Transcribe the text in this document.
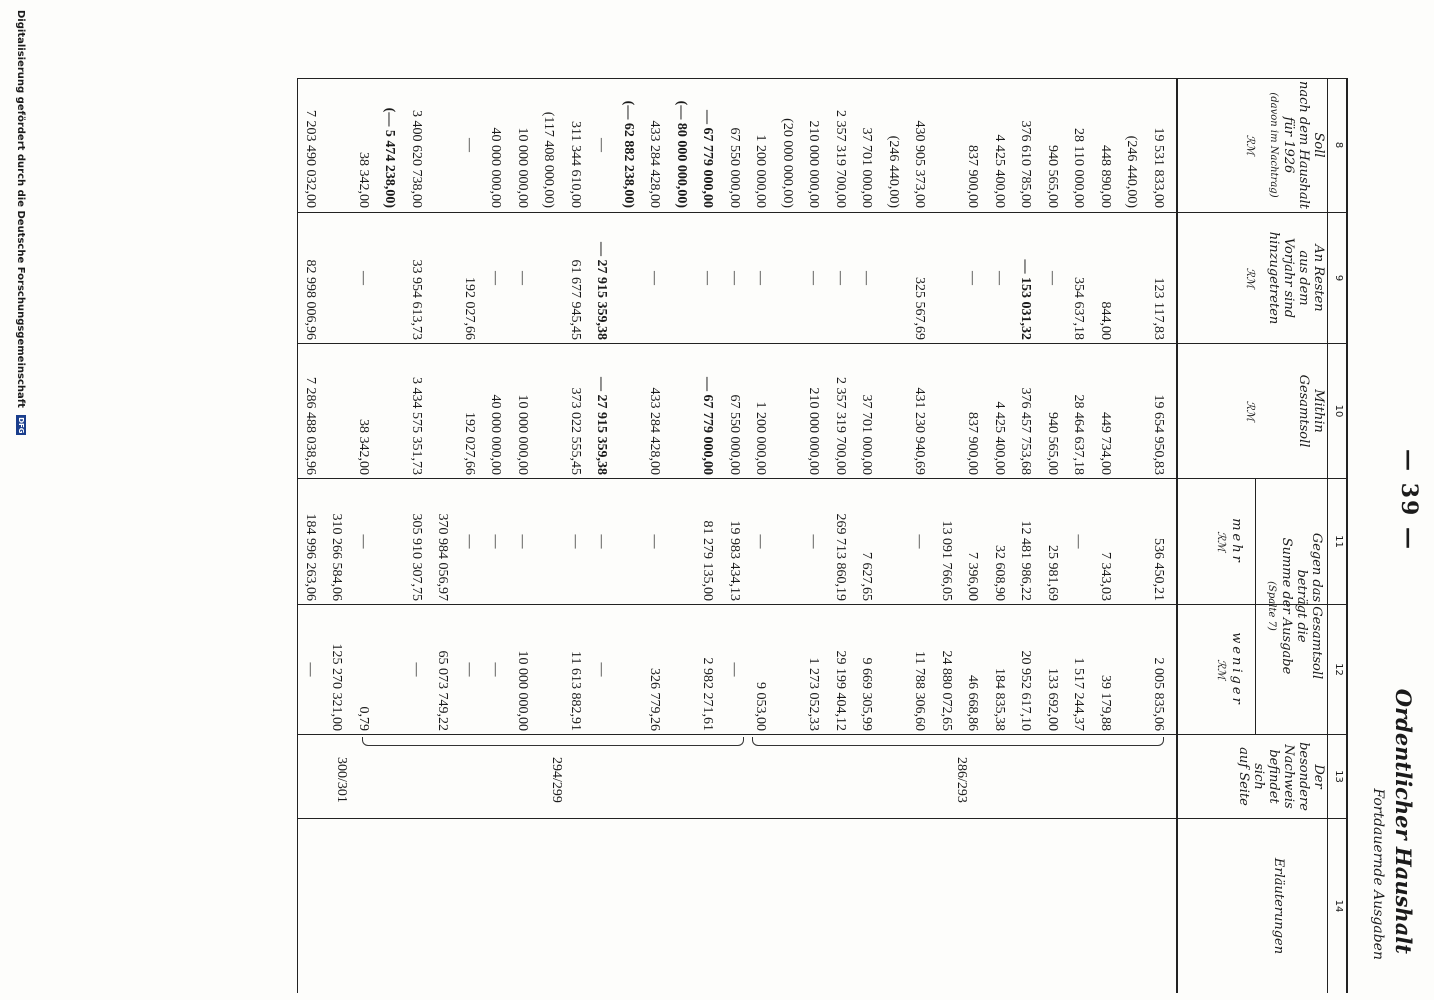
— 39 —
Ordentlicher Haushalt
Fortdauernde Ausgaben
8
9
10
11
12
13
14
Soll
nach dem Haushalt
für 1926
(davon im Nachtrag)
ℛℳ
An Resten
aus dem
Vorjahr sind
hinzugetreten
ℛℳ
Mithin
Gesamtsoll
ℛℳ
Gegen das Gesamtsoll
beträgt die
Summe der Ausgabe
(Spalte 7)
mehr
ℛℳ
weniger
ℛℳ
Der
besondere
Nachweis
befindet sich
auf Seite
Erläuterungen
19 531 833,00
123 117,83
19 654 950,83
536 450,21
2 005 835,06
(246 440,00)
448 890,00
844,00
449 734,00
7 343,03
39 179,88
28 110 000,00
354 637,18
28 464 637,18
—
1 517 244,37
940 565,00
—
940 565,00
25 981,69
133 692,00
376 610 785,00
— 153 031,32
376 457 753,68
12 481 986,22
20 952 617,10
4 425 400,00
—
4 425 400,00
32 608,90
184 835,38
837 900,00
—
837 900,00
7 396,00
46 668,86
13 091 766,05
24 880 072,65
430 905 373,00
325 567,69
431 230 940,69
—
11 788 306,60
(246 440,00)
37 701 000,00
—
37 701 000,00
7 627,65
9 669 305,99
2 357 319 700,00
—
2 357 319 700,00
269 713 860,19
29 199 404,12
210 000 000,00
—
210 000 000,00
—
1 273 052,33
(20 000 000,00)
1 200 000,00
—
1 200 000,00
—
9 053,00
67 550 000,00
—
67 550 000,00
19 983 434,13
—
— 67 779 000,00
—
— 67 779 000,00
81 279 135,00
2 982 271,61
(— 80 000 000,00)
433 284 428,00
—
433 284 428,00
—
326 779,26
(— 62 882 238,00)
—
— 27 915 359,38
— 27 915 359,38
—
—
311 344 610,00
61 677 945,45
373 022 555,45
—
11 613 882,91
(117 408 000,00)
10 000 000,00
—
10 000 000,00
—
10 000 000,00
40 000 000,00
—
40 000 000,00
—
—
—
192 027,66
192 027,66
—
—
370 984 056,97
65 073 749,22
3 400 620 738,00
33 954 613,73
3 434 575 351,73
305 910 307,75
—
(— 5 474 238,00)
38 342,00
—
38 342,00
—
0,79
310 266 584,06
125 270 321,00
7 203 490 032,00
82 998 006,96
7 286 488 038,96
184 996 263,06
—
286/293
294/299
300/301
Digitalisierung gefördert durch die Deutsche Forschungsgemeinschaft DFG
